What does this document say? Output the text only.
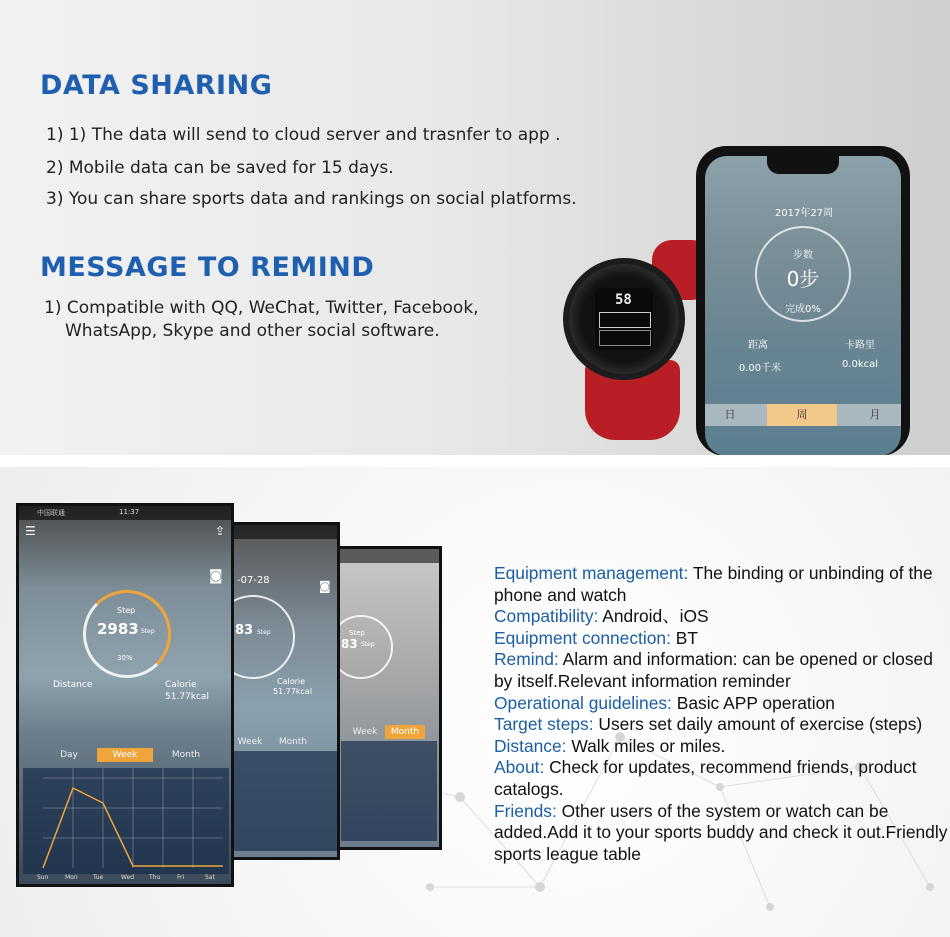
DATA SHARING
1) 1) The data will send to cloud server and trasnfer to app .
2) Mobile data can be saved for 15 days.
3) You can share sports data and rankings on social platforms.
MESSAGE TO REMIND
1) Compatible with QQ, WeChat, Twitter, Facebook,
WhatsApp, Skype and other social software.
58
2017年27周
步数
0步
完成0%
距离	卡路里
0.00千米	0.0kcal
日	周	月
Step
83 Step
Week	Month
-07-28	◙
83 Step
Calorie
51.77kcal
Week	Month
中国联通	11:37
☰	⇪
◙
Step
2983 Step
30%
Distance	Calorie
51.77kcal
Day	Week	Month
Sun	Mon	Tue	Wed Thu	Fri	Sat

Equipment management: The binding or unbinding of the phone and watch

Compatibility: Android、iOS

Equipment connection: BT

Remind: Alarm and information: can be opened or closed by itself.Relevant information reminder

Operational guidelines: Basic APP operation

Target steps: Users set daily amount of exercise (steps)

Distance: Walk miles or miles.

About: Check for updates, recommend friends, product catalogs.

Friends: Other users of the system or watch can be added.Add it to your sports buddy and check it out.Friendly sports league table
